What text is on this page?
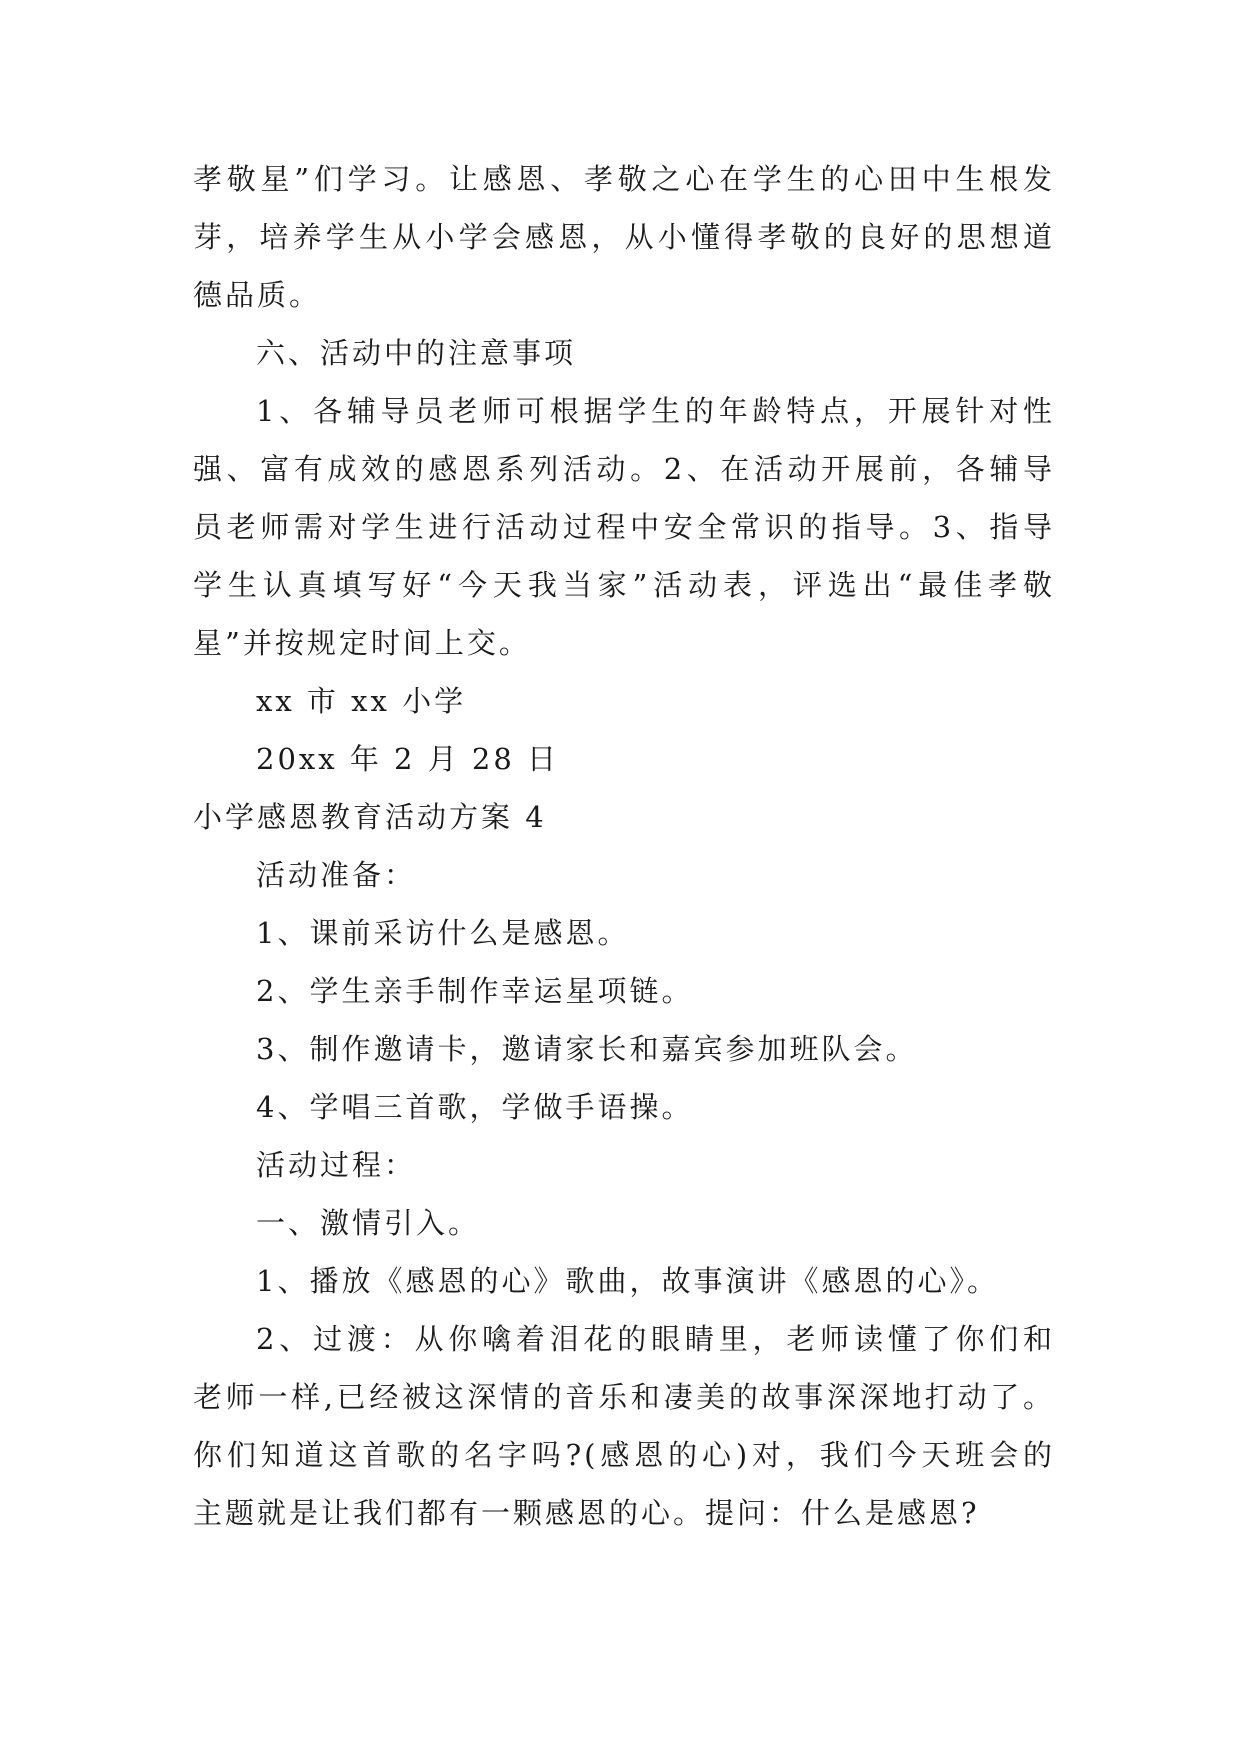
孝敬星”们学习。让感恩、孝敬之心在学生的心田中生根发

芽，培养学生从小学会感恩，从小懂得孝敬的良好的思想道

德品质。

六、活动中的注意事项

1、各辅导员老师可根据学生的年龄特点，开展针对性

强、富有成效的感恩系列活动。2、在活动开展前，各辅导

员老师需对学生进行活动过程中安全常识的指导。3、指导

学生认真填写好“今天我当家”活动表，评选出“最佳孝敬

星”并按规定时间上交。

xx 市 xx 小学

20xx 年 2 月 28 日

小学感恩教育活动方案 4

活动准备：

1、课前采访什么是感恩。

2、学生亲手制作幸运星项链。

3、制作邀请卡，邀请家长和嘉宾参加班队会。

4、学唱三首歌，学做手语操。

活动过程：

一、激情引入。

1、播放《感恩的心》歌曲，故事演讲《感恩的心》。

2、过渡：从你噙着泪花的眼睛里，老师读懂了你们和

老师一样,已经被这深情的音乐和凄美的故事深深地打动了。

你们知道这首歌的名字吗?(感恩的心)对，我们今天班会的

主题就是让我们都有一颗感恩的心。提问：什么是感恩?
